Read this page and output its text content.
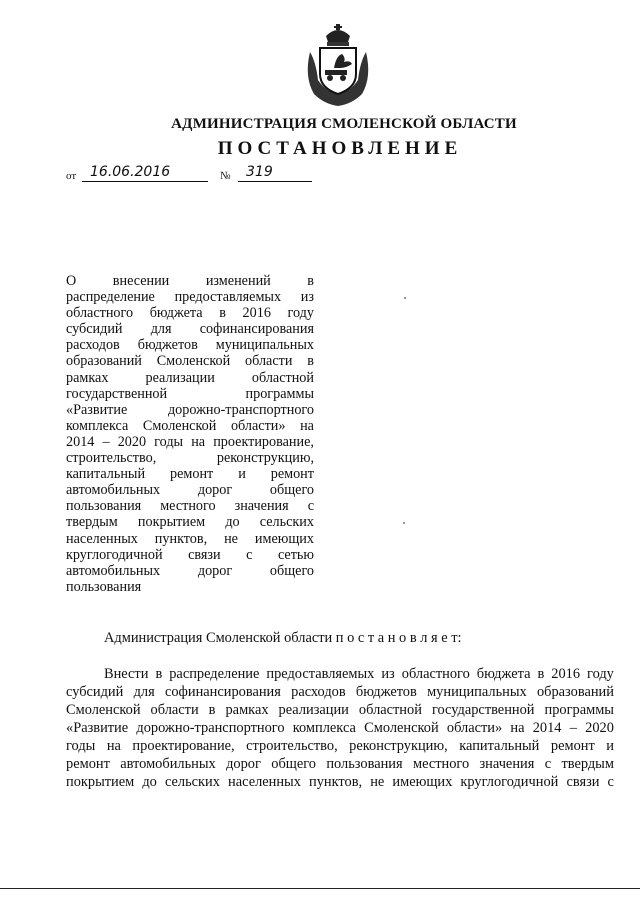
АДМИНИСТРАЦИЯ СМОЛЕНСКОЙ ОБЛАСТИ
ПОСТАНОВЛЕНИЕ
от 16.06.2016	№	319
О	внесении	изменений	в
распределение предоставляемых из
областного бюджета в 2016 году
субсидий для софинансирования
расходов бюджетов муниципальных
образований Смоленской области в
рамках	реализации	областной
государственной	программы
«Развитие	дорожно-транспортного
комплекса Смоленской области» на
2014 – 2020 годы на проектирование,
строительство,	реконструкцию,
капитальный ремонт и ремонт
автомобильных	дорог	общего
пользования местного значения с
твердым покрытием до сельских
населенных пунктов, не имеющих
круглогодичной связи с сетью
автомобильных	дорог	общего
пользования
Администрация Смоленской области п о с т а н о в л я е т:
Внести в распределение предоставляемых из областного бюджета в 2016 году
субсидий для софинансирования расходов бюджетов муниципальных образований
Смоленской области в рамках реализации областной государственной программы
«Развитие дорожно-транспортного комплекса Смоленской области» на 2014 – 2020
годы на проектирование, строительство, реконструкцию, капитальный ремонт и
ремонт автомобильных дорог общего пользования местного значения с твердым
покрытием до сельских населенных пунктов, не имеющих круглогодичной связи с
